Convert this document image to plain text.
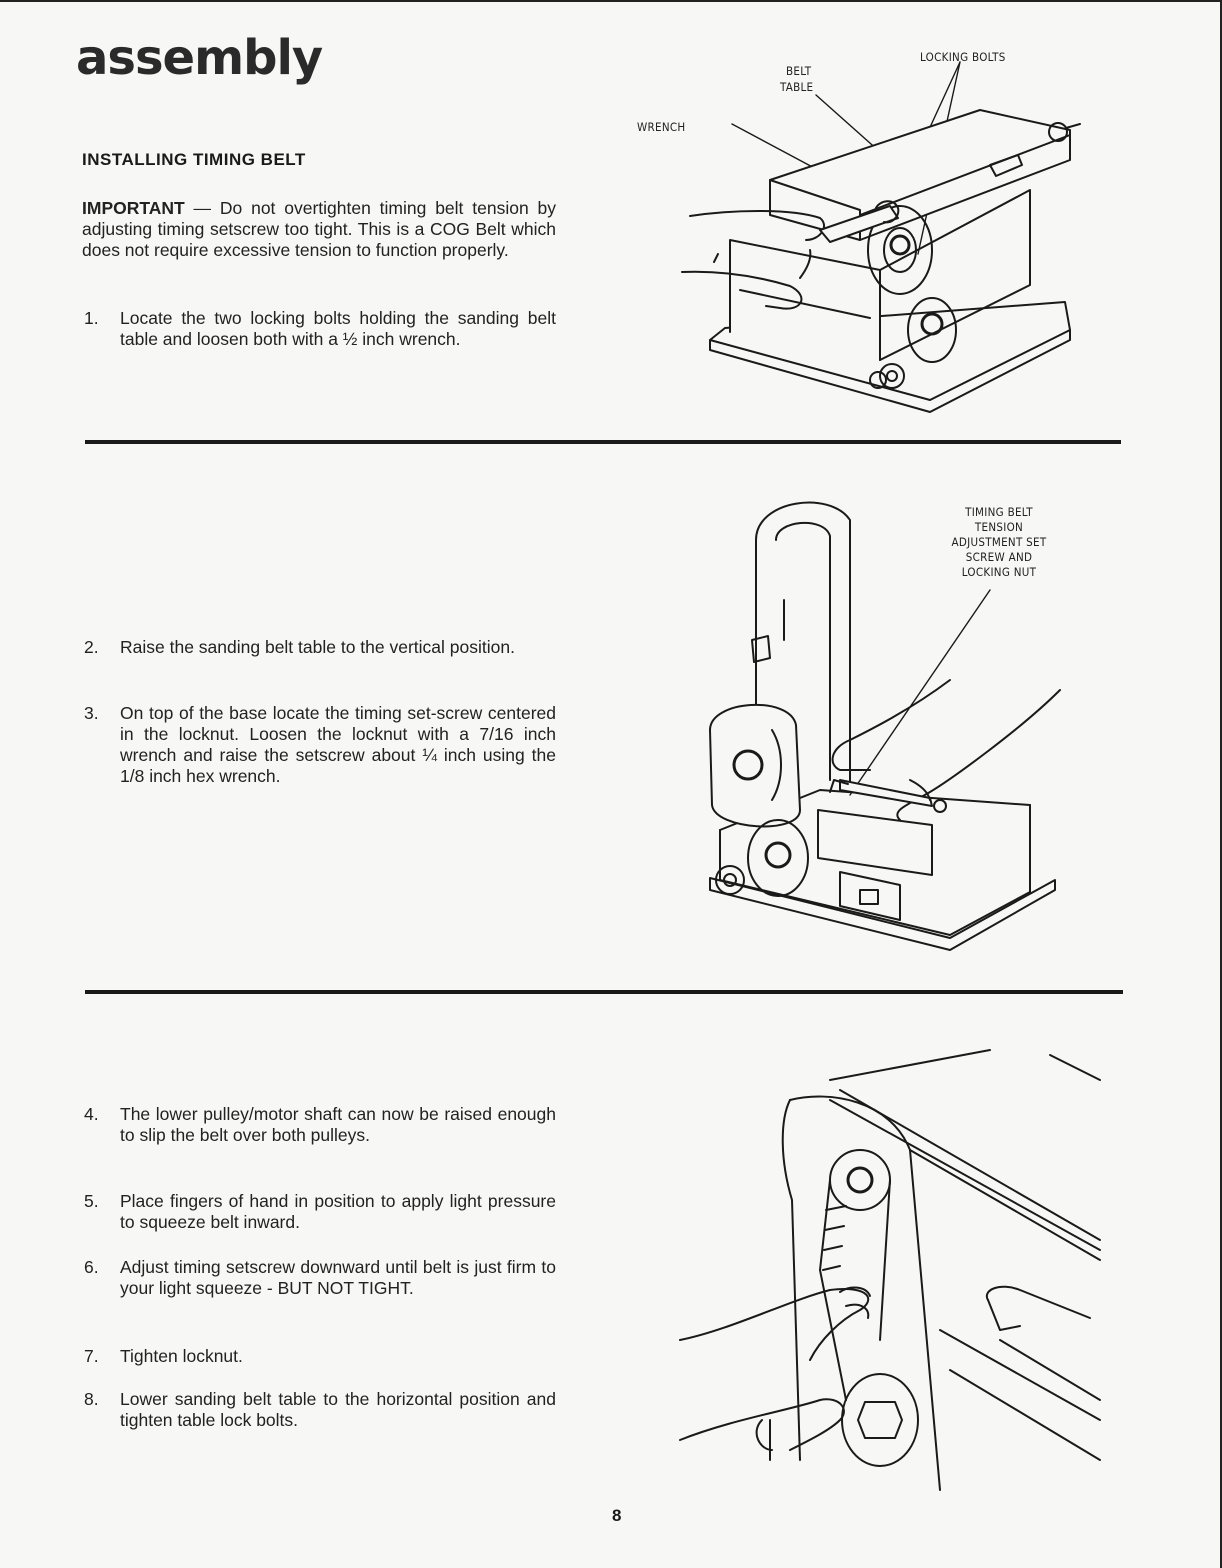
assembly
INSTALLING TIMING BELT
IMPORTANT — Do not overtighten timing belt tension by adjusting timing setscrew too tight. This is a COG Belt which does not require excessive tension to function properly.
1. Locate the two locking bolts holding the sanding belt table and loosen both with a ½ inch wrench.
2. Raise the sanding belt table to the vertical position.
3. On top of the base locate the timing set-screw centered in the locknut. Loosen the locknut with a 7/16 inch wrench and raise the setscrew about ¼ inch using the 1/8 inch hex wrench.
4. The lower pulley/motor shaft can now be raised enough to slip the belt over both pulleys.
5. Place fingers of hand in position to apply light pressure to squeeze belt inward.
6. Adjust timing setscrew downward until belt is just firm to your light squeeze - BUT NOT TIGHT.
7. Tighten locknut.
8. Lower sanding belt table to the horizontal position and tighten table lock bolts.
LOCKING BOLTS
BELT
TABLE
WRENCH
TIMING BELT
TENSION
ADJUSTMENT SET
SCREW AND
LOCKING NUT
8
